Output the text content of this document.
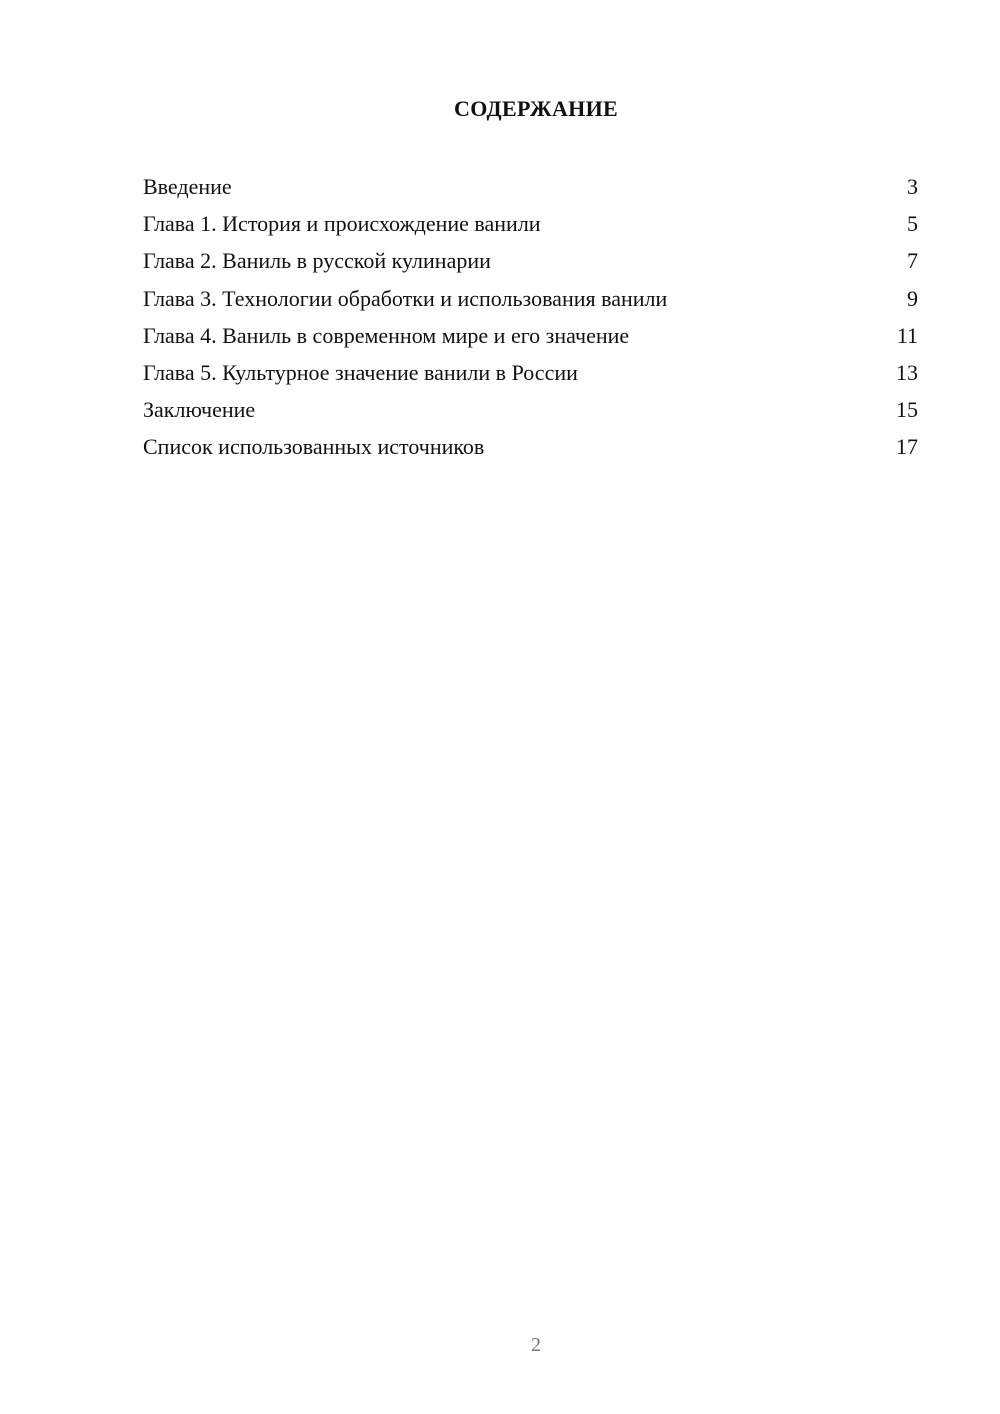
СОДЕРЖАНИЕ
Введение	3
Глава 1. История и происхождение ванили	5
Глава 2. Ваниль в русской кулинарии	7
Глава 3. Технологии обработки и использования ванили	9
Глава 4. Ваниль в современном мире и его значение	11
Глава 5. Культурное значение ванили в России	13
Заключение	15
Список использованных источников	17
2
